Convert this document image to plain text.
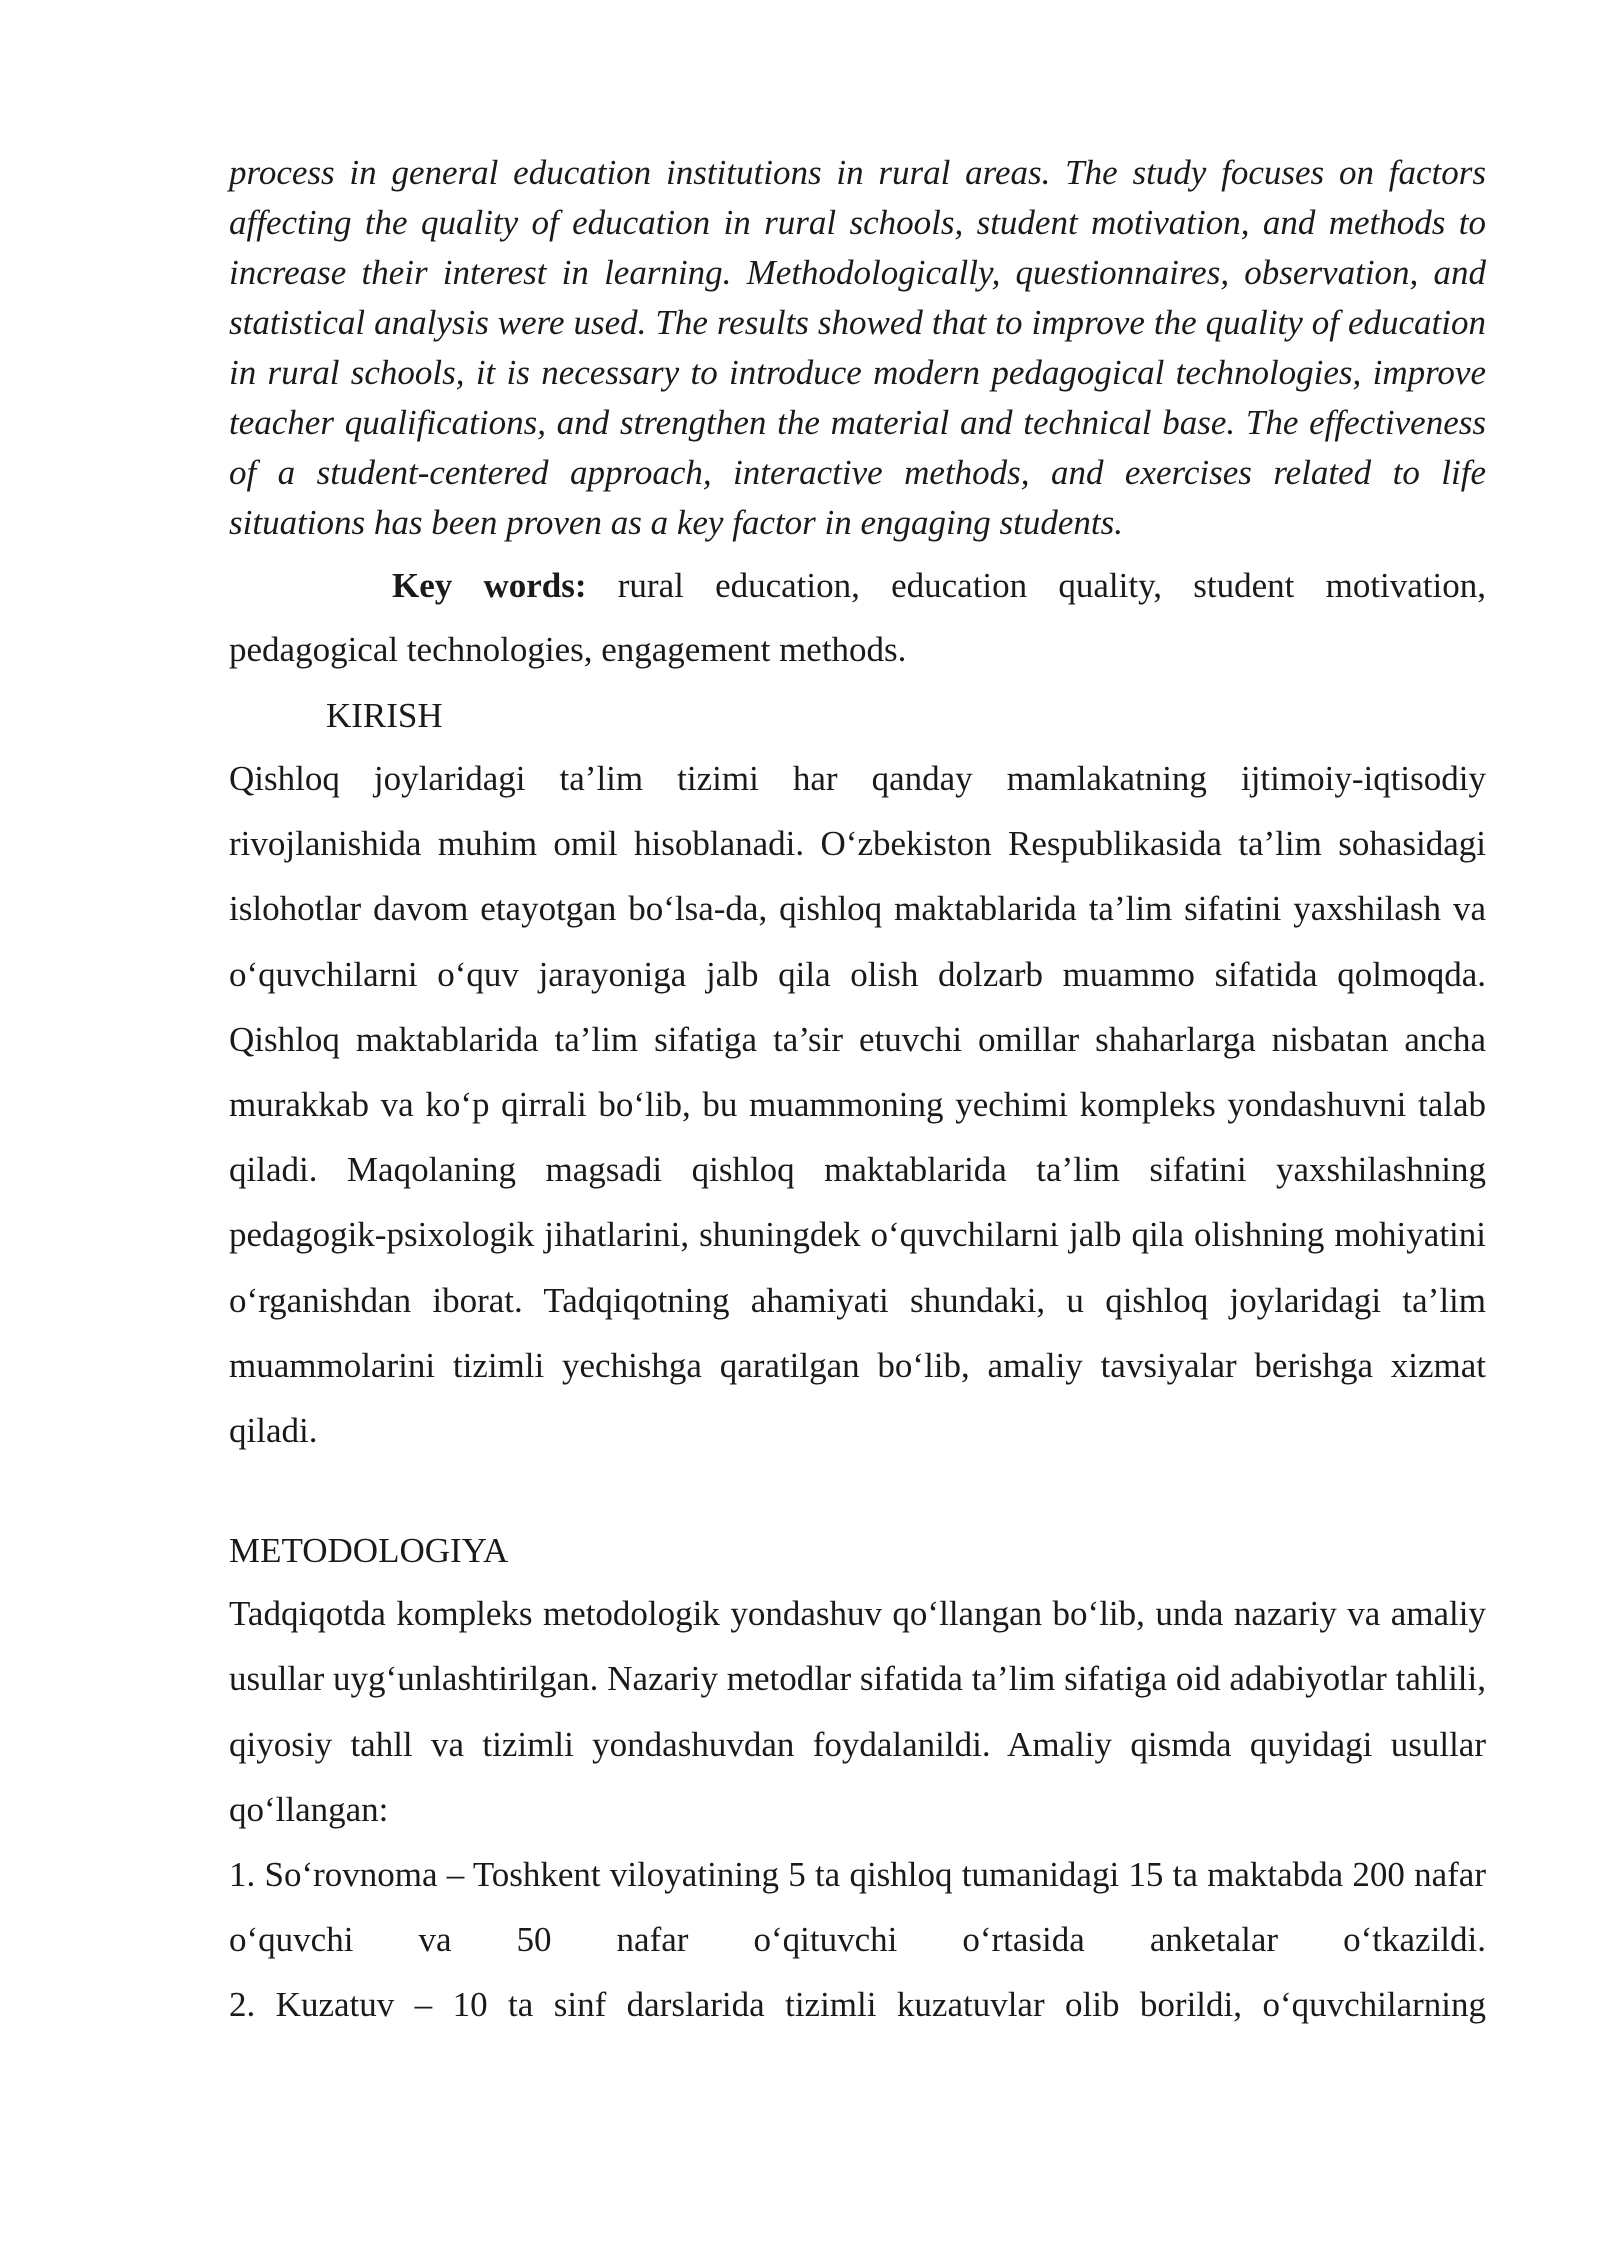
process in general education institutions in rural areas. The study focuses on factors affecting the quality of education in rural schools, student motivation, and methods to increase their interest in learning. Methodologically, questionnaires, observation, and statistical analysis were used. The results showed that to improve the quality of education in rural schools, it is necessary to introduce modern pedagogical technologies, improve teacher qualifications, and strengthen the material and technical base. The effectiveness of a student-centered approach, interactive methods, and exercises related to life situations has been proven as a key factor in engaging students.

Key words: rural education, education quality, student motivation, pedagogical technologies, engagement methods.

KIRISH

Qishloq joylaridagi ta’lim tizimi har qanday mamlakatning ijtimoiy-iqtisodiy rivojlanishida muhim omil hisoblanadi. O‘zbekiston Respublikasida ta’lim sohasidagi islohotlar davom etayotgan bo‘lsa-da, qishloq maktablarida ta’lim sifatini yaxshilash va o‘quvchilarni o‘quv jarayoniga jalb qila olish dolzarb muammo sifatida qolmoqda. Qishloq maktablarida ta’lim sifatiga ta’sir etuvchi omillar shaharlarga nisbatan ancha murakkab va ko‘p qirrali bo‘lib, bu muammoning yechimi kompleks yondashuvni talab qiladi. Maqolaning magsadi qishloq maktablarida ta’lim sifatini yaxshilashning pedagogik-psixologik jihatlarini, shuningdek o‘quvchilarni jalb qila olishning mohiyatini o‘rganishdan iborat. Tadqiqotning ahamiyati shundaki, u qishloq joylaridagi ta’lim muammolarini tizimli yechishga qaratilgan bo‘lib, amaliy tavsiyalar berishga xizmat qiladi.

METODOLOGIYA

Tadqiqotda kompleks metodologik yondashuv qo‘llangan bo‘lib, unda nazariy va amaliy usullar uyg‘unlashtirilgan. Nazariy metodlar sifatida ta’lim sifatiga oid adabiyotlar tahlili, qiyosiy tahll va tizimli yondashuvdan foydalanildi. Amaliy qismda quyidagi usullar qo‘llangan:

1. So‘rovnoma – Toshkent viloyatining 5 ta qishloq tumanidagi 15 ta maktabda 200 nafar o‘quvchi va 50 nafar o‘qituvchi o‘rtasida anketalar o‘tkazildi.

2. Kuzatuv – 10 ta sinf darslarida tizimli kuzatuvlar olib borildi, o‘quvchilarning
